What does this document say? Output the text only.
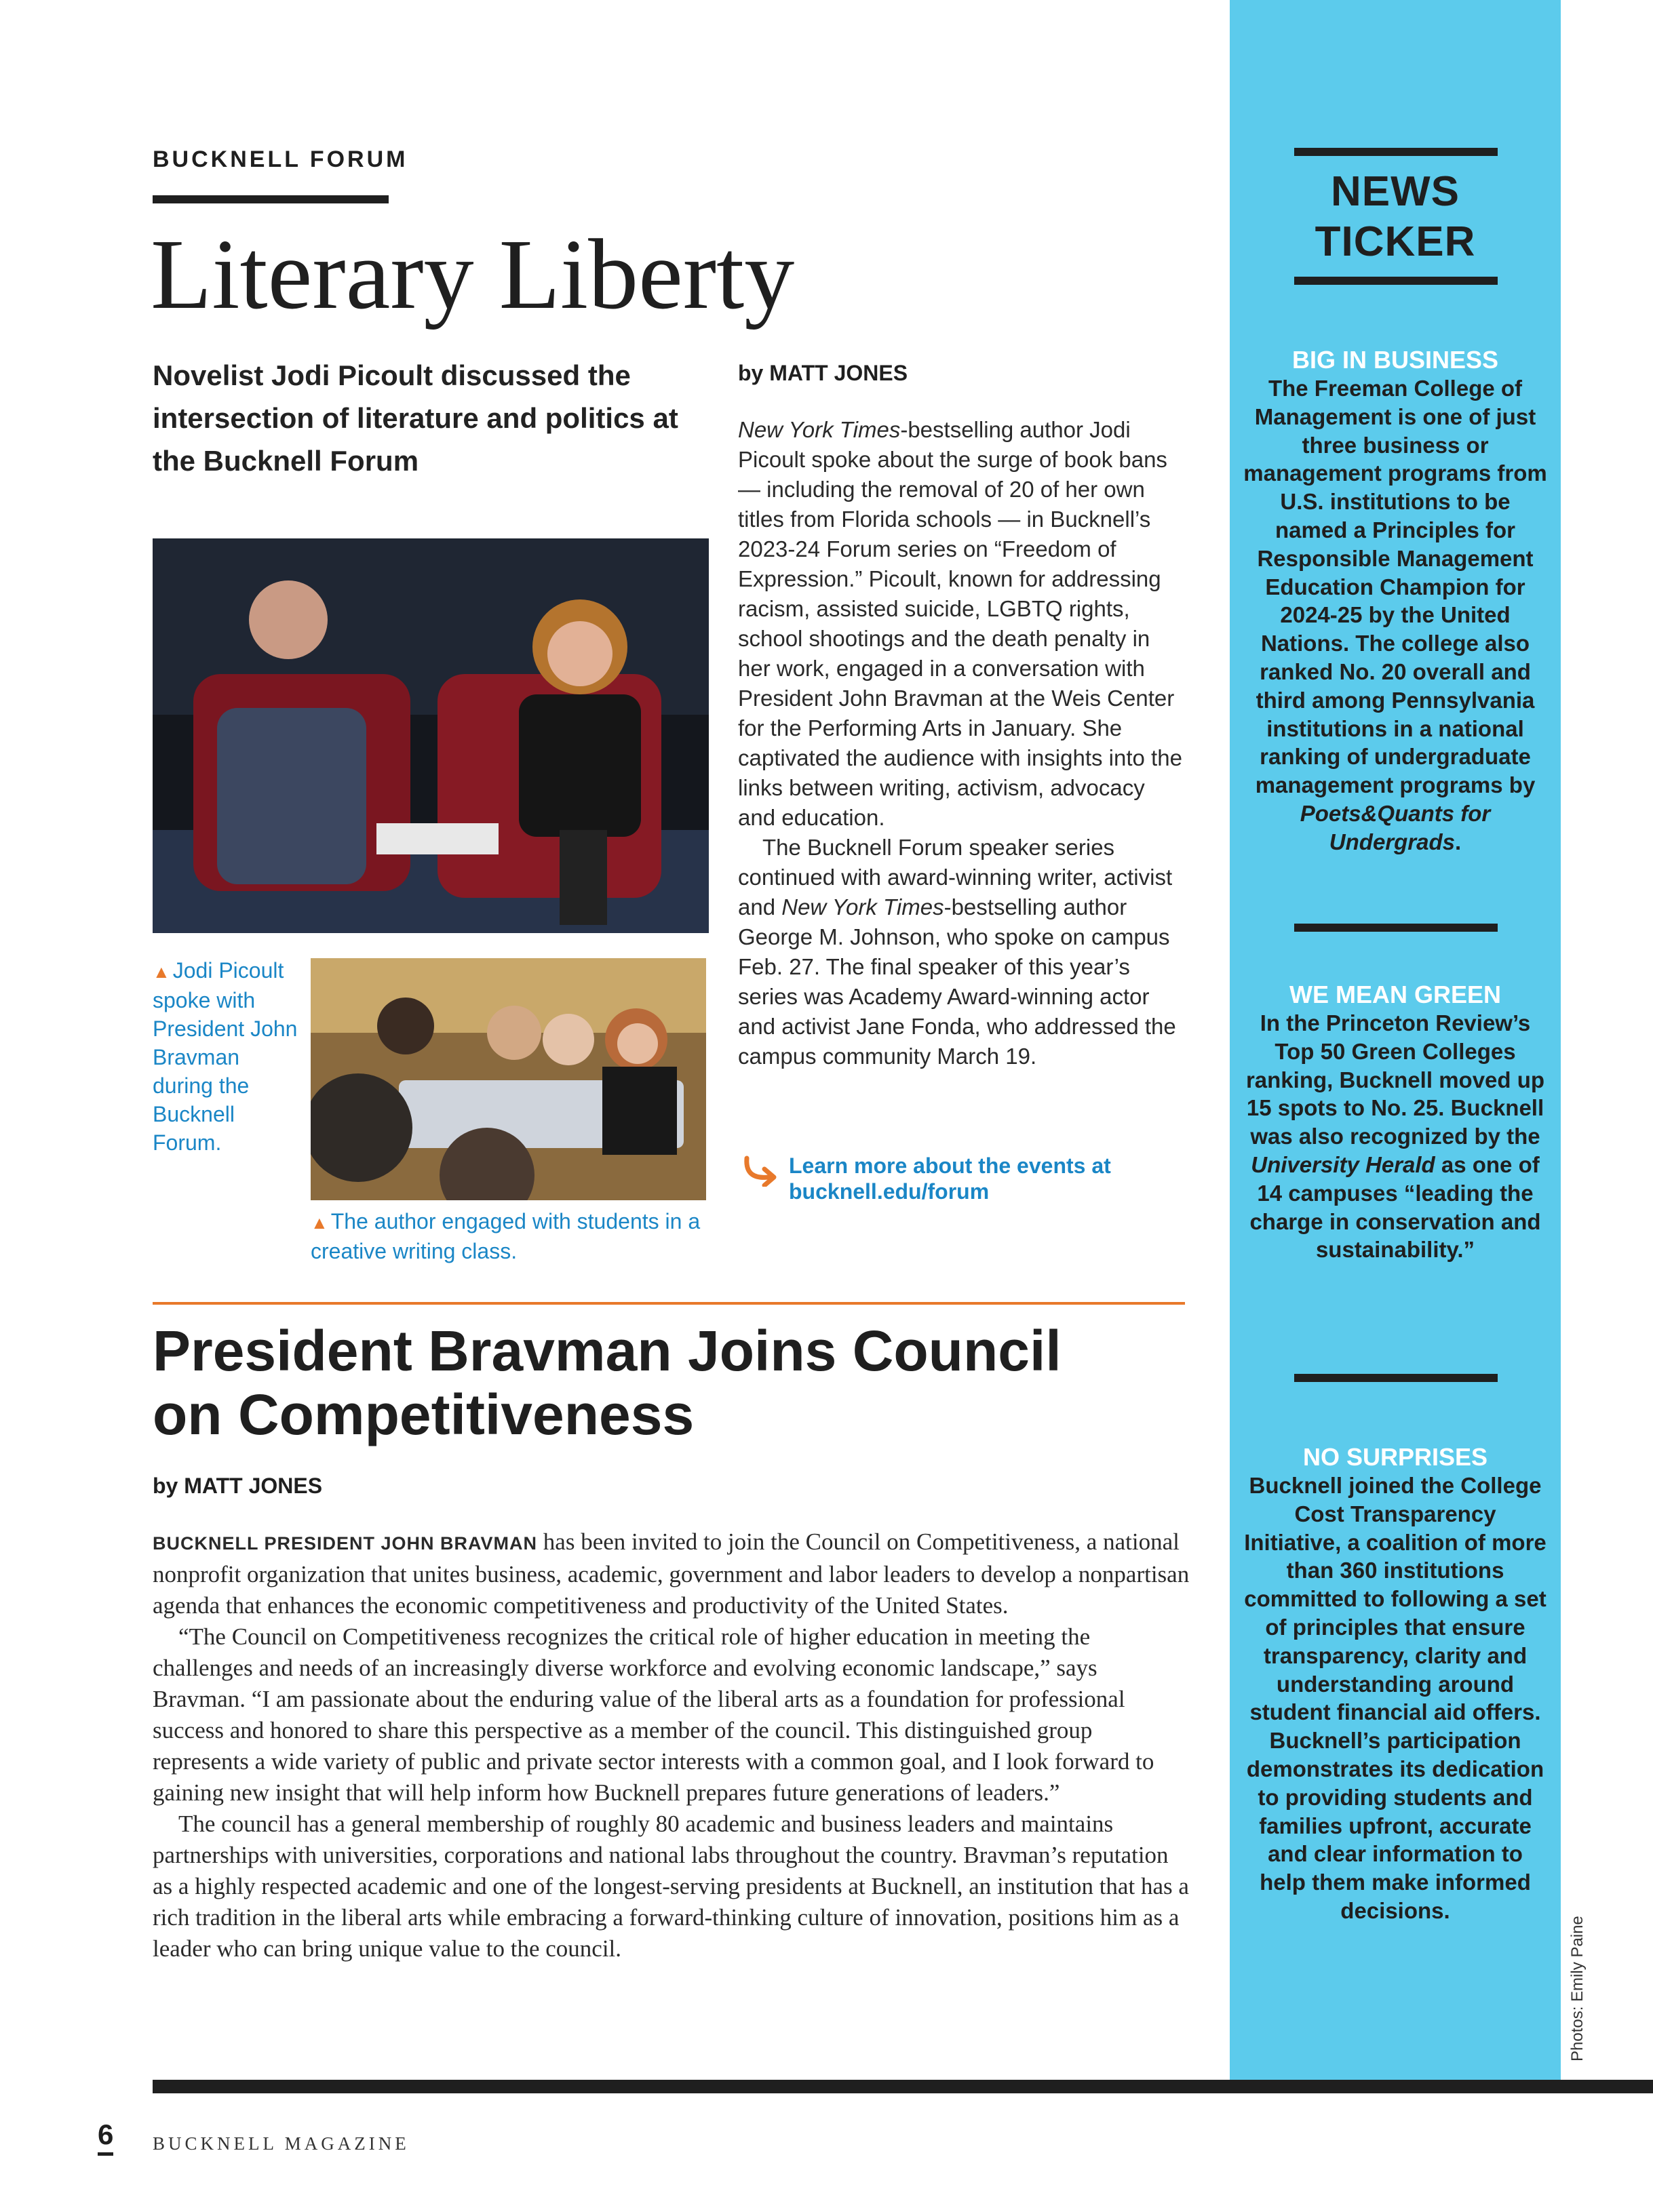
BUCKNELL FORUM
Literary Liberty
Novelist Jodi Picoult discussed the intersection of literature and politics at the Bucknell Forum
▲ Jodi Picoult spoke with President John Bravman during the Bucknell Forum.
▲ The author engaged with students in a creative writing class.
by MATT JONES

New York Times-bestselling author Jodi Picoult spoke about the surge of book bans — including the removal of 20 of her own titles from Florida schools — in Bucknell’s 2023-24 Forum series on “Freedom of Expression.” Picoult, known for addressing racism, assisted suicide, LGBTQ rights, school shootings and the death penalty in her work, engaged in a conversation with President John Bravman at the Weis Center for the Performing Arts in January. She captivated the audience with insights into the links between writing, activism, advocacy and education.

The Bucknell Forum speaker series continued with award-winning writer, activist and New York Times-bestselling author George M. Johnson, who spoke on campus Feb. 27. The final speaker of this year’s series was Academy Award-winning actor and activist Jane Fonda, who addressed the campus community March 19.

Learn more about the events at bucknell.edu/forum
President Bravman Joins Council on Competitiveness
by MATT JONES

BUCKNELL PRESIDENT JOHN BRAVMAN has been invited to join the Council on Competitiveness, a national nonprofit organization that unites business, academic, government and labor leaders to develop a nonpartisan agenda that enhances the economic competitiveness and productivity of the United States.

“The Council on Competitiveness recognizes the critical role of higher education in meeting the challenges and needs of an increasingly diverse workforce and evolving economic landscape,” says Bravman. “I am passionate about the enduring value of the liberal arts as a foundation for professional success and honored to share this perspective as a member of the council. This distinguished group represents a wide variety of public and private sector interests with a common goal, and I look forward to gaining new insight that will help inform how Bucknell prepares future generations of leaders.”

The council has a general membership of roughly 80 academic and business leaders and maintains partnerships with universities, corporations and national labs throughout the country. Bravman’s reputation as a highly respected academic and one of the longest-serving presidents at Bucknell, an institution that has a rich tradition in the liberal arts while embracing a forward-thinking culture of innovation, positions him as a leader who can bring unique value to the council.

NEWS
TICKER
BIG IN BUSINESS
The Freeman College of Management is one of just three business or management programs from U.S. institutions to be named a Principles for Responsible Management Education Champion for 2024-25 by the United Nations. The college also ranked No. 20 overall and third among Pennsylvania institutions in a national ranking of undergraduate management programs by Poets&Quants for Undergrads.
WE MEAN GREEN
In the Princeton Review’s Top 50 Green Colleges ranking, Bucknell moved up 15 spots to No. 25. Bucknell was also recognized by the University Herald as one of 14 campuses “leading the charge in conservation and sustainability.”
NO SURPRISES
Bucknell joined the College Cost Transparency Initiative, a coalition of more than 360 institutions committed to following a set of principles that ensure transparency, clarity and understanding around student financial aid offers. Bucknell’s participation demonstrates its dedication to providing students and families upfront, accurate and clear information to help them make informed decisions.
Photos: Emily Paine
6 BUCKNELL MAGAZINE
